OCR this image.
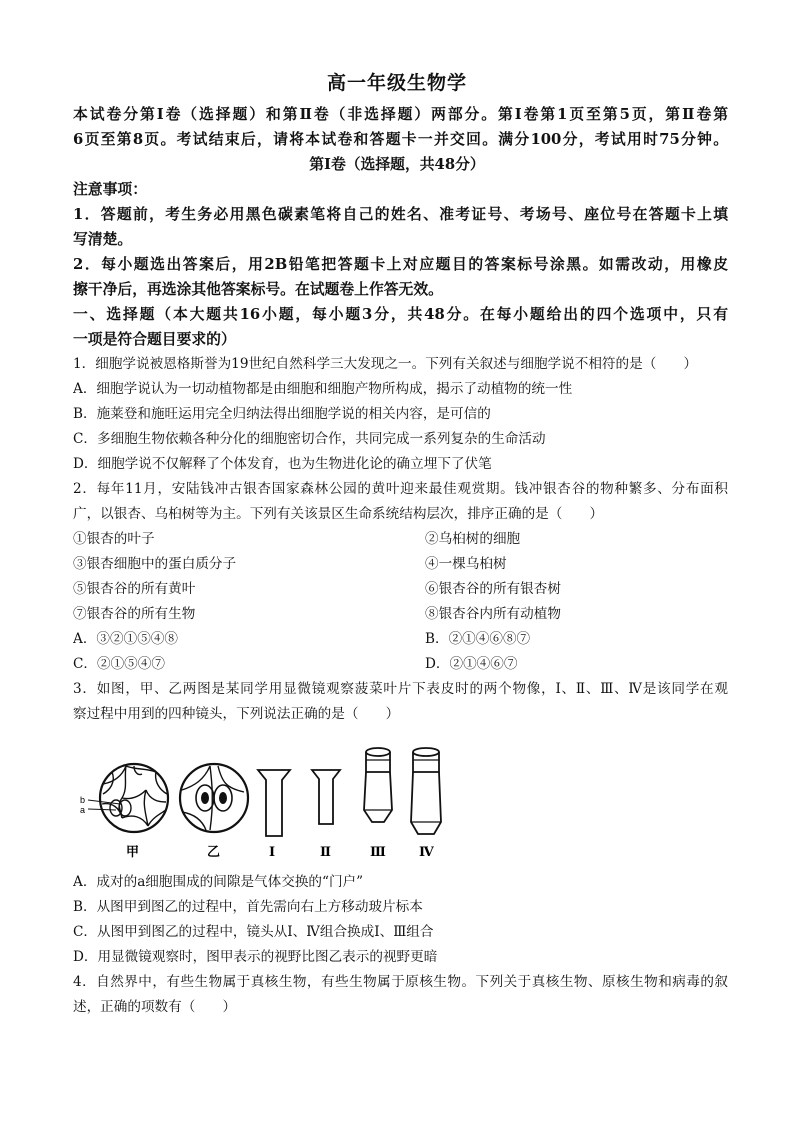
高一年级生物学
本试卷分第Ⅰ卷（选择题）和第Ⅱ卷（非选择题）两部分。第Ⅰ卷第1页至第5页，第Ⅱ卷第
6页至第8页。考试结束后，请将本试卷和答题卡一并交回。满分100分，考试用时75分钟。
第Ⅰ卷（选择题，共48分）
注意事项：
1．答题前，考生务必用黑色碳素笔将自己的姓名、准考证号、考场号、座位号在答题卡上填
写清楚。
2．每小题选出答案后，用2B铅笔把答题卡上对应题目的答案标号涂黑。如需改动，用橡皮
擦干净后，再选涂其他答案标号。在试题卷上作答无效。
一、选择题（本大题共16小题，每小题3分，共48分。在每小题给出的四个选项中，只有
一项是符合题目要求的）
1．细胞学说被恩格斯誉为19世纪自然科学三大发现之一。下列有关叙述与细胞学说不相符的是（　　）
A．细胞学说认为一切动植物都是由细胞和细胞产物所构成，揭示了动植物的统一性
B．施莱登和施旺运用完全归纳法得出细胞学说的相关内容，是可信的
C．多细胞生物依赖各种分化的细胞密切合作，共同完成一系列复杂的生命活动
D．细胞学说不仅解释了个体发育，也为生物进化论的确立埋下了伏笔
2．每年11月，安陆钱冲古银杏国家森林公园的黄叶迎来最佳观赏期。钱冲银杏谷的物种繁多、分布面积
广，以银杏、乌桕树等为主。下列有关该景区生命系统结构层次，排序正确的是（　　）
①银杏的叶子	②乌桕树的细胞
③银杏细胞中的蛋白质分子	④一棵乌桕树
⑤银杏谷的所有黄叶	⑥银杏谷的所有银杏树
⑦银杏谷的所有生物	⑧银杏谷内所有动植物
A．③②①⑤④⑧	B．②①④⑥⑧⑦
C．②①⑤④⑦	D．②①④⑥⑦
3．如图，甲、乙两图是某同学用显微镜观察菠菜叶片下表皮时的两个物像，Ⅰ、Ⅱ、Ⅲ、Ⅳ是该同学在观
察过程中用到的四种镜头，下列说法正确的是（　　）
b
a
甲	乙	Ⅰ	Ⅱ	Ⅲ	Ⅳ
A．成对的a细胞围成的间隙是气体交换的“门户”
B．从图甲到图乙的过程中，首先需向右上方移动玻片标本
C．从图甲到图乙的过程中，镜头从Ⅰ、Ⅳ组合换成Ⅰ、Ⅲ组合
D．用显微镜观察时，图甲表示的视野比图乙表示的视野更暗
4．自然界中，有些生物属于真核生物，有些生物属于原核生物。下列关于真核生物、原核生物和病毒的叙
述，正确的项数有（　　）
